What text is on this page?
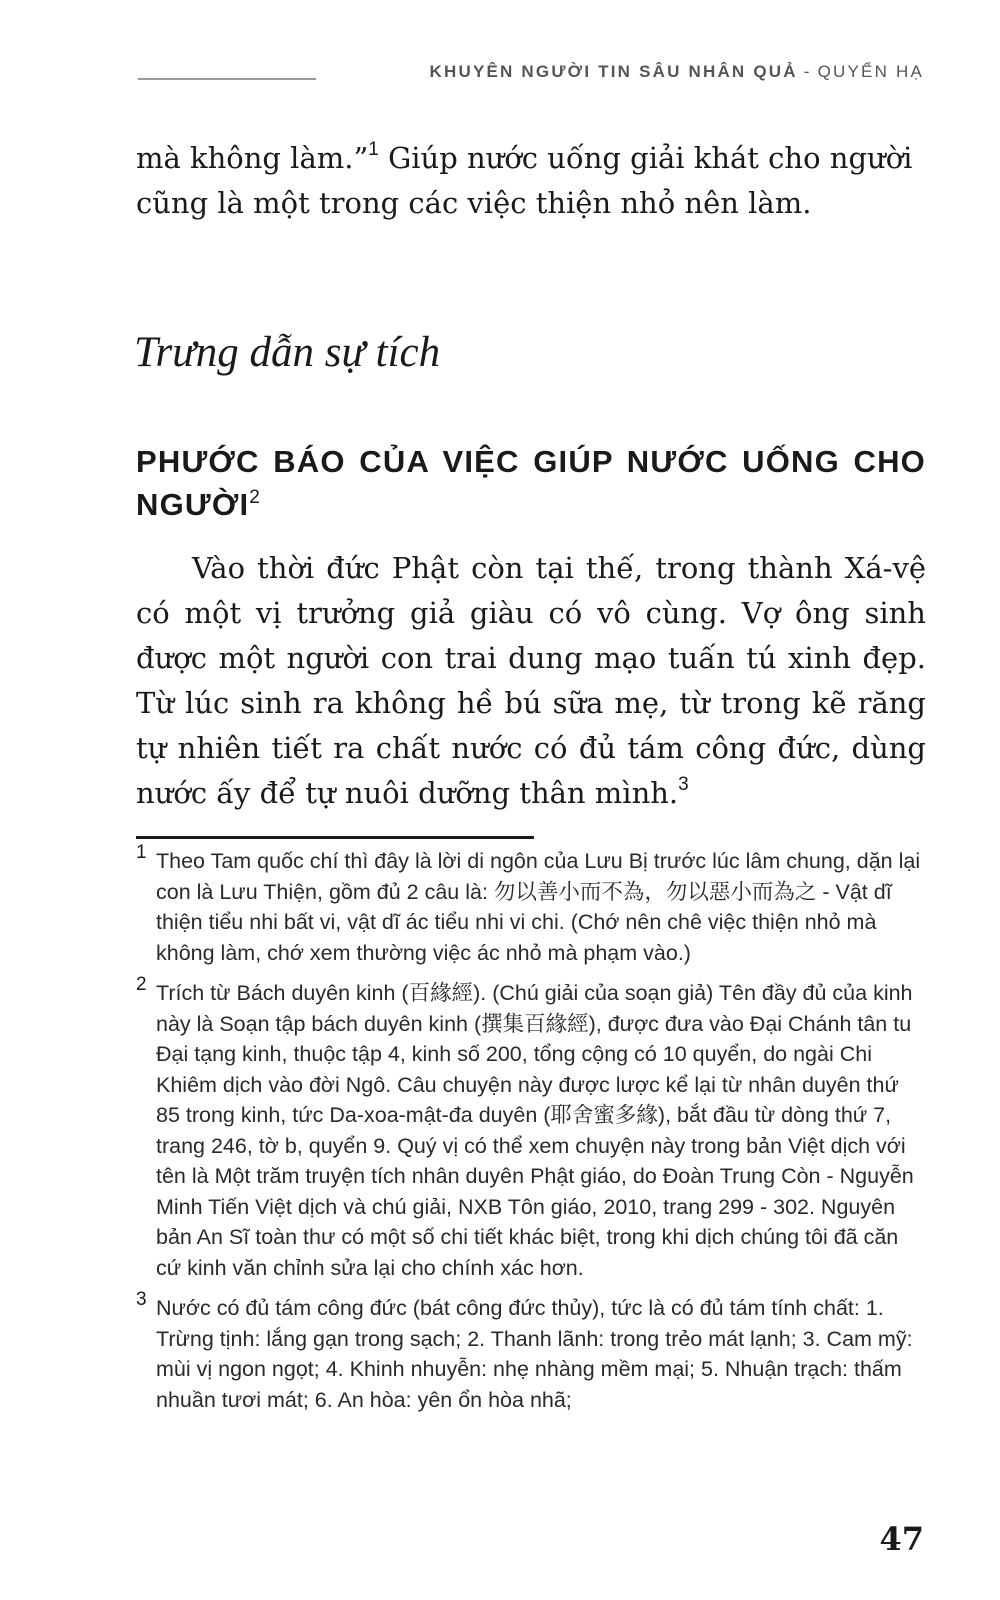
KHUYÊN NGƯỜI TIN SÂU NHÂN QUẢ - QUYỂN HẠ

mà không làm.”$^1$ Giúp nước uống giải khát cho người cũng là một trong các việc thiện nhỏ nên làm.

Trưng dẫn sự tích
PHƯỚC BÁO CỦA VIỆC GIÚP NƯỚC UỐNG CHO NGƯỜI$^2$

Vào thời đức Phật còn tại thế, trong thành Xá-vệ có một vị trưởng giả giàu có vô cùng. Vợ ông sinh được một người con trai dung mạo tuấn tú xinh đẹp. Từ lúc sinh ra không hề bú sữa mẹ, từ trong kẽ răng tự nhiên tiết ra chất nước có đủ tám công đức, dùng nước ấy để tự nuôi dưỡng thân mình.$^3$

1 Theo Tam quốc chí thì đây là lời di ngôn của Lưu Bị trước lúc lâm chung, dặn lại con là Lưu Thiện, gồm đủ 2 câu là: 勿以善小而不為，勿以惡小而為之 - Vật dĩ thiện tiểu nhi bất vi, vật dĩ ác tiểu nhi vi chi. (Chớ nên chê việc thiện nhỏ mà không làm, chớ xem thường việc ác nhỏ mà phạm vào.)
2 Trích từ Bách duyên kinh (百緣經). (Chú giải của soạn giả) Tên đầy đủ của kinh này là Soạn tập bách duyên kinh (撰集百緣經), được đưa vào Đại Chánh tân tu Đại tạng kinh, thuộc tập 4, kinh số 200, tổng cộng có 10 quyển, do ngài Chi Khiêm dịch vào đời Ngô. Câu chuyện này được lược kể lại từ nhân duyên thứ 85 trong kinh, tức Da-xoa-mật-đa duyên (耶舍蜜多緣), bắt đầu từ dòng thứ 7, trang 246, tờ b, quyển 9. Quý vị có thể xem chuyện này trong bản Việt dịch với tên là Một trăm truyện tích nhân duyên Phật giáo, do Đoàn Trung Còn - Nguyễn Minh Tiến Việt dịch và chú giải, NXB Tôn giáo, 2010, trang 299 - 302. Nguyên bản An Sĩ toàn thư có một số chi tiết khác biệt, trong khi dịch chúng tôi đã căn cứ kinh văn chỉnh sửa lại cho chính xác hơn.
3 Nước có đủ tám công đức (bát công đức thủy), tức là có đủ tám tính chất: 1. Trừng tịnh: lắng gạn trong sạch; 2. Thanh lãnh: trong trẻo mát lạnh; 3. Cam mỹ: mùi vị ngon ngọt; 4. Khinh nhuyễn: nhẹ nhàng mềm mại; 5. Nhuận trạch: thấm nhuần tươi mát; 6. An hòa: yên ổn hòa nhã;
47
